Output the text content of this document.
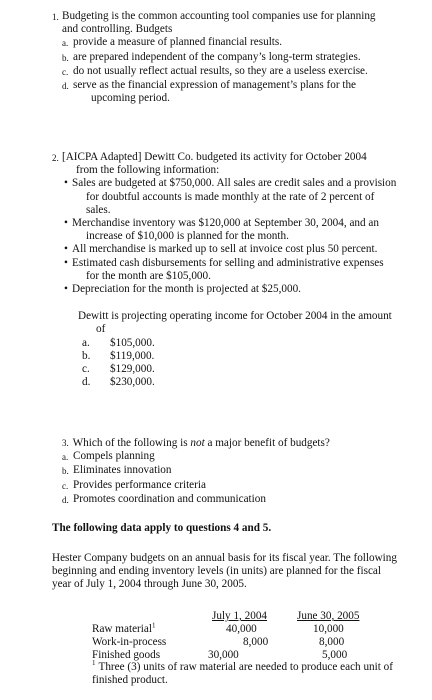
1. Budgeting is the common accounting tool companies use for planning and controlling. Budgets
a. provide a measure of planned financial results.
b. are prepared independent of the company’s long-term strategies.
c. do not usually reflect actual results, so they are a useless exercise.
d. serve as the financial expression of management’s plans for the upcoming period.
2. [AICPA Adapted] Dewitt Co. budgeted its activity for October 2004 from the following information:
• Sales are budgeted at $750,000. All sales are credit sales and a provision for doubtful accounts is made monthly at the rate of 2 percent of sales.
• Merchandise inventory was $120,000 at September 30, 2004, and an increase of $10,000 is planned for the month.
• All merchandise is marked up to sell at invoice cost plus 50 percent.
• Estimated cash disbursements for selling and administrative expenses for the month are $105,000.
• Depreciation for the month is projected at $25,000.
Dewitt is projecting operating income for October 2004 in the amount of
a.	$105,000.
b.	$119,000.
c.	$129,000.
d.	$230,000.
3. Which of the following is not a major benefit of budgets?
a. Compels planning
b. Eliminates innovation
c. Provides performance criteria
d. Promotes coordination and communication
The following data apply to questions 4 and 5.
Hester Company budgets on an annual basis for its fiscal year. The following beginning and ending inventory levels (in units) are planned for the fiscal year of July 1, 2004 through June 30, 2005.
July 1, 2004	June 30, 2005
Raw material$^1$	40,000	10,000
Work-in-process	8,000	8,000
Finished goods	30,000	5,000
$^1$ Three (3) units of raw material are needed to produce each unit of finished product.
